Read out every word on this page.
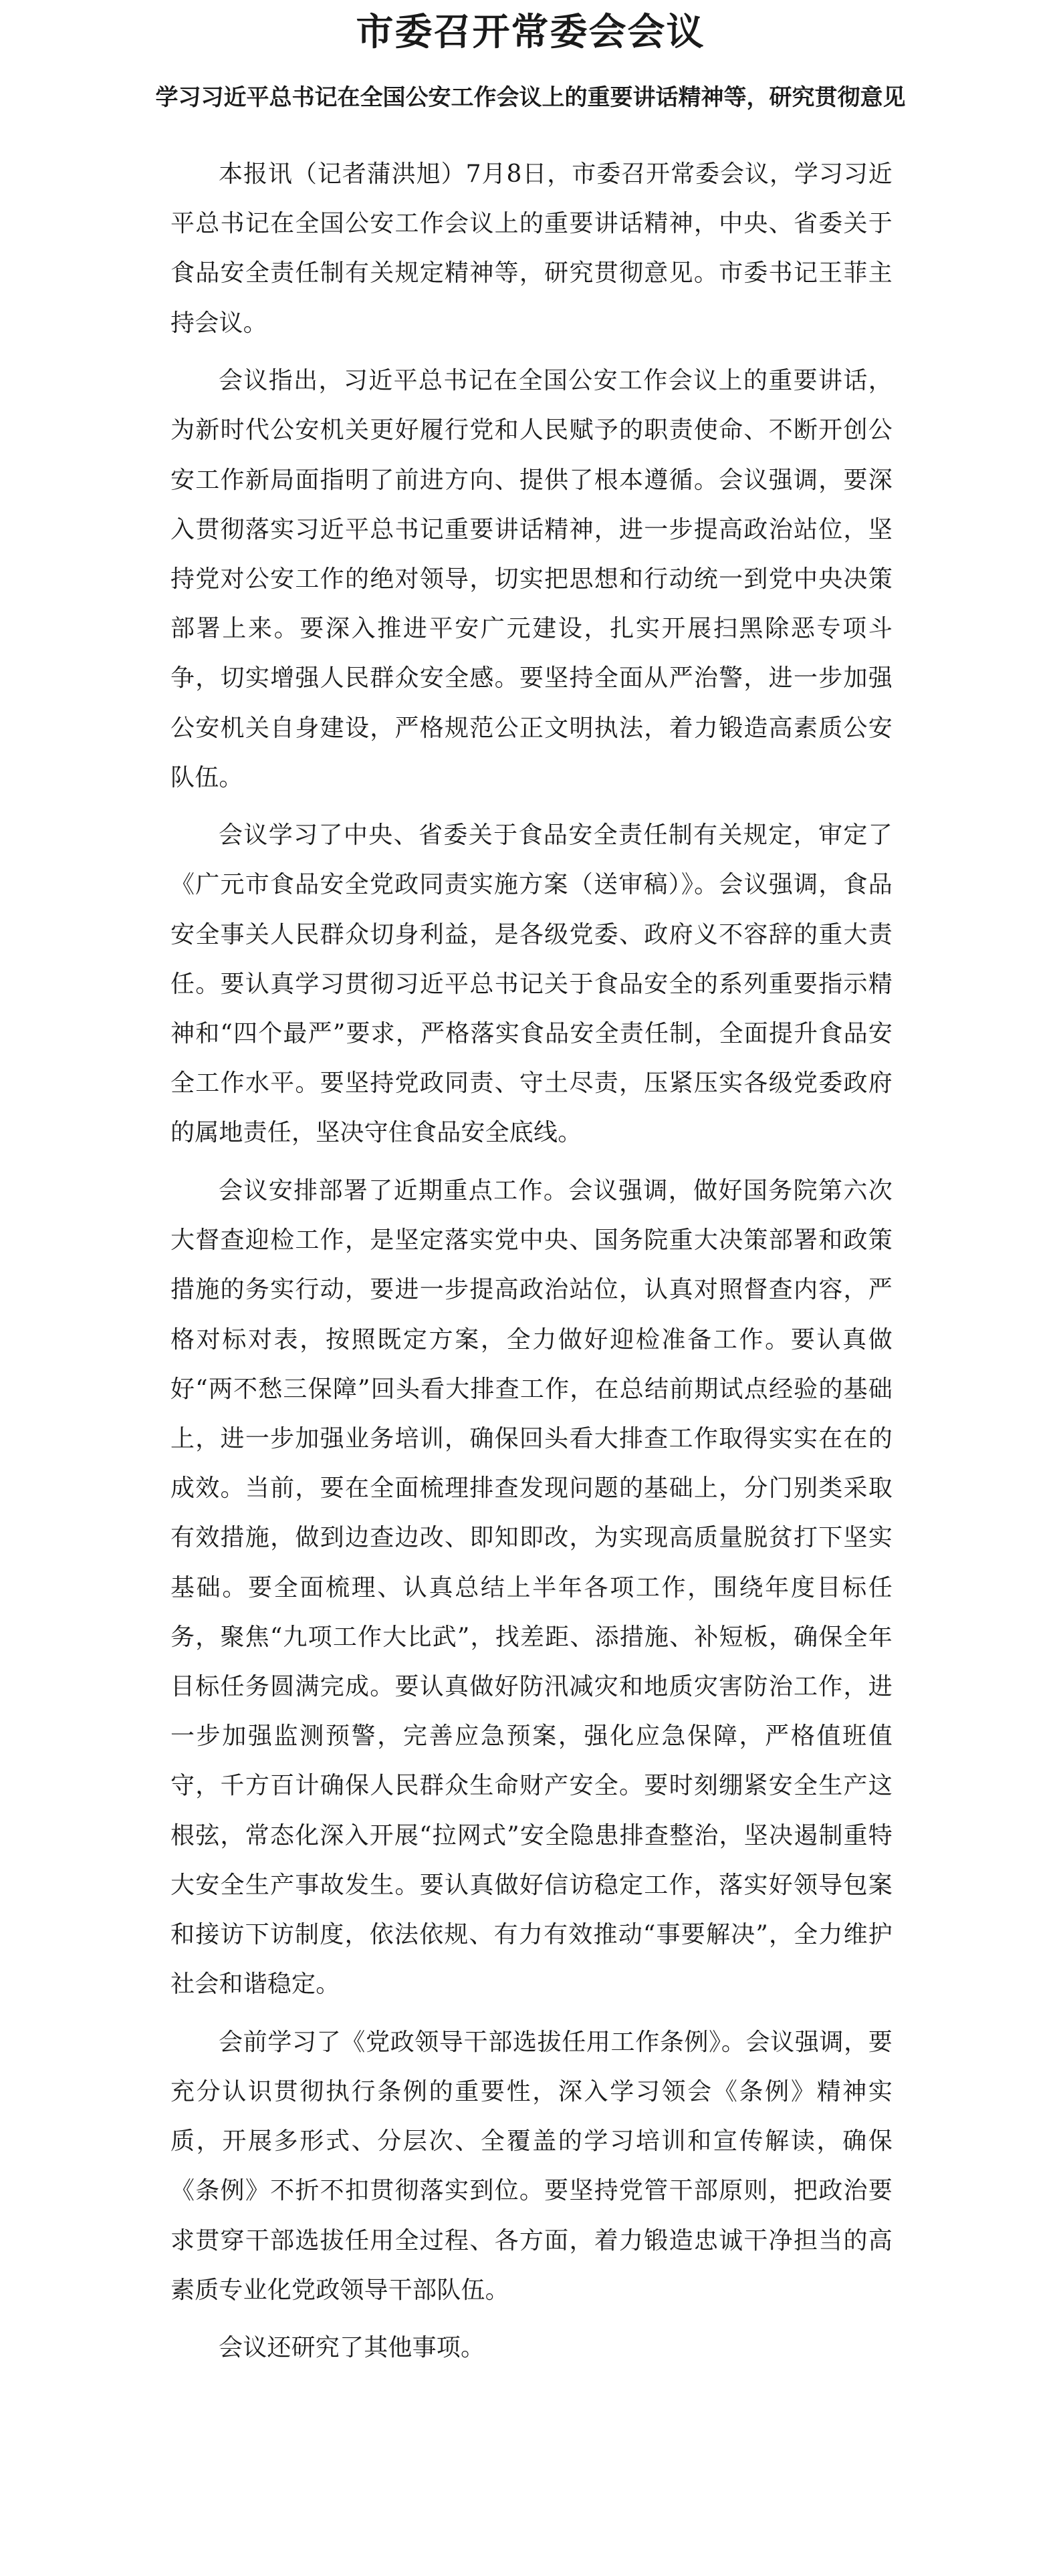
市委召开常委会会议
学习习近平总书记在全国公安工作会议上的重要讲话精神等，研究贯彻意见

本报讯（记者蒲洪旭）7月8日，市委召开常委会议，学习习近平总书记在全国公安工作会议上的重要讲话精神，中央、省委关于食品安全责任制有关规定精神等，研究贯彻意见。市委书记王菲主持会议。

会议指出，习近平总书记在全国公安工作会议上的重要讲话，为新时代公安机关更好履行党和人民赋予的职责使命、不断开创公安工作新局面指明了前进方向、提供了根本遵循。会议强调，要深入贯彻落实习近平总书记重要讲话精神，进一步提高政治站位，坚持党对公安工作的绝对领导，切实把思想和行动统一到党中央决策部署上来。要深入推进平安广元建设，扎实开展扫黑除恶专项斗争，切实增强人民群众安全感。要坚持全面从严治警，进一步加强公安机关自身建设，严格规范公正文明执法，着力锻造高素质公安队伍。

会议学习了中央、省委关于食品安全责任制有关规定，审定了《广元市食品安全党政同责实施方案（送审稿）》。会议强调，食品安全事关人民群众切身利益，是各级党委、政府义不容辞的重大责任。要认真学习贯彻习近平总书记关于食品安全的系列重要指示精神和“四个最严”要求，严格落实食品安全责任制，全面提升食品安全工作水平。要坚持党政同责、守土尽责，压紧压实各级党委政府的属地责任，坚决守住食品安全底线。

会议安排部署了近期重点工作。会议强调，做好国务院第六次大督查迎检工作，是坚定落实党中央、国务院重大决策部署和政策措施的务实行动，要进一步提高政治站位，认真对照督查内容，严格对标对表，按照既定方案，全力做好迎检准备工作。要认真做好“两不愁三保障”回头看大排查工作，在总结前期试点经验的基础上，进一步加强业务培训，确保回头看大排查工作取得实实在在的成效。当前，要在全面梳理排查发现问题的基础上，分门别类采取有效措施，做到边查边改、即知即改，为实现高质量脱贫打下坚实基础。要全面梳理、认真总结上半年各项工作，围绕年度目标任务，聚焦“九项工作大比武”，找差距、添措施、补短板，确保全年目标任务圆满完成。要认真做好防汛减灾和地质灾害防治工作，进一步加强监测预警，完善应急预案，强化应急保障，严格值班值守，千方百计确保人民群众生命财产安全。要时刻绷紧安全生产这根弦，常态化深入开展“拉网式”安全隐患排查整治，坚决遏制重特大安全生产事故发生。要认真做好信访稳定工作，落实好领导包案和接访下访制度，依法依规、有力有效推动“事要解决”，全力维护社会和谐稳定。

会前学习了《党政领导干部选拔任用工作条例》。会议强调，要充分认识贯彻执行条例的重要性，深入学习领会《条例》精神实质，开展多形式、分层次、全覆盖的学习培训和宣传解读，确保《条例》不折不扣贯彻落实到位。要坚持党管干部原则，把政治要求贯穿干部选拔任用全过程、各方面，着力锻造忠诚干净担当的高素质专业化党政领导干部队伍。

会议还研究了其他事项。
